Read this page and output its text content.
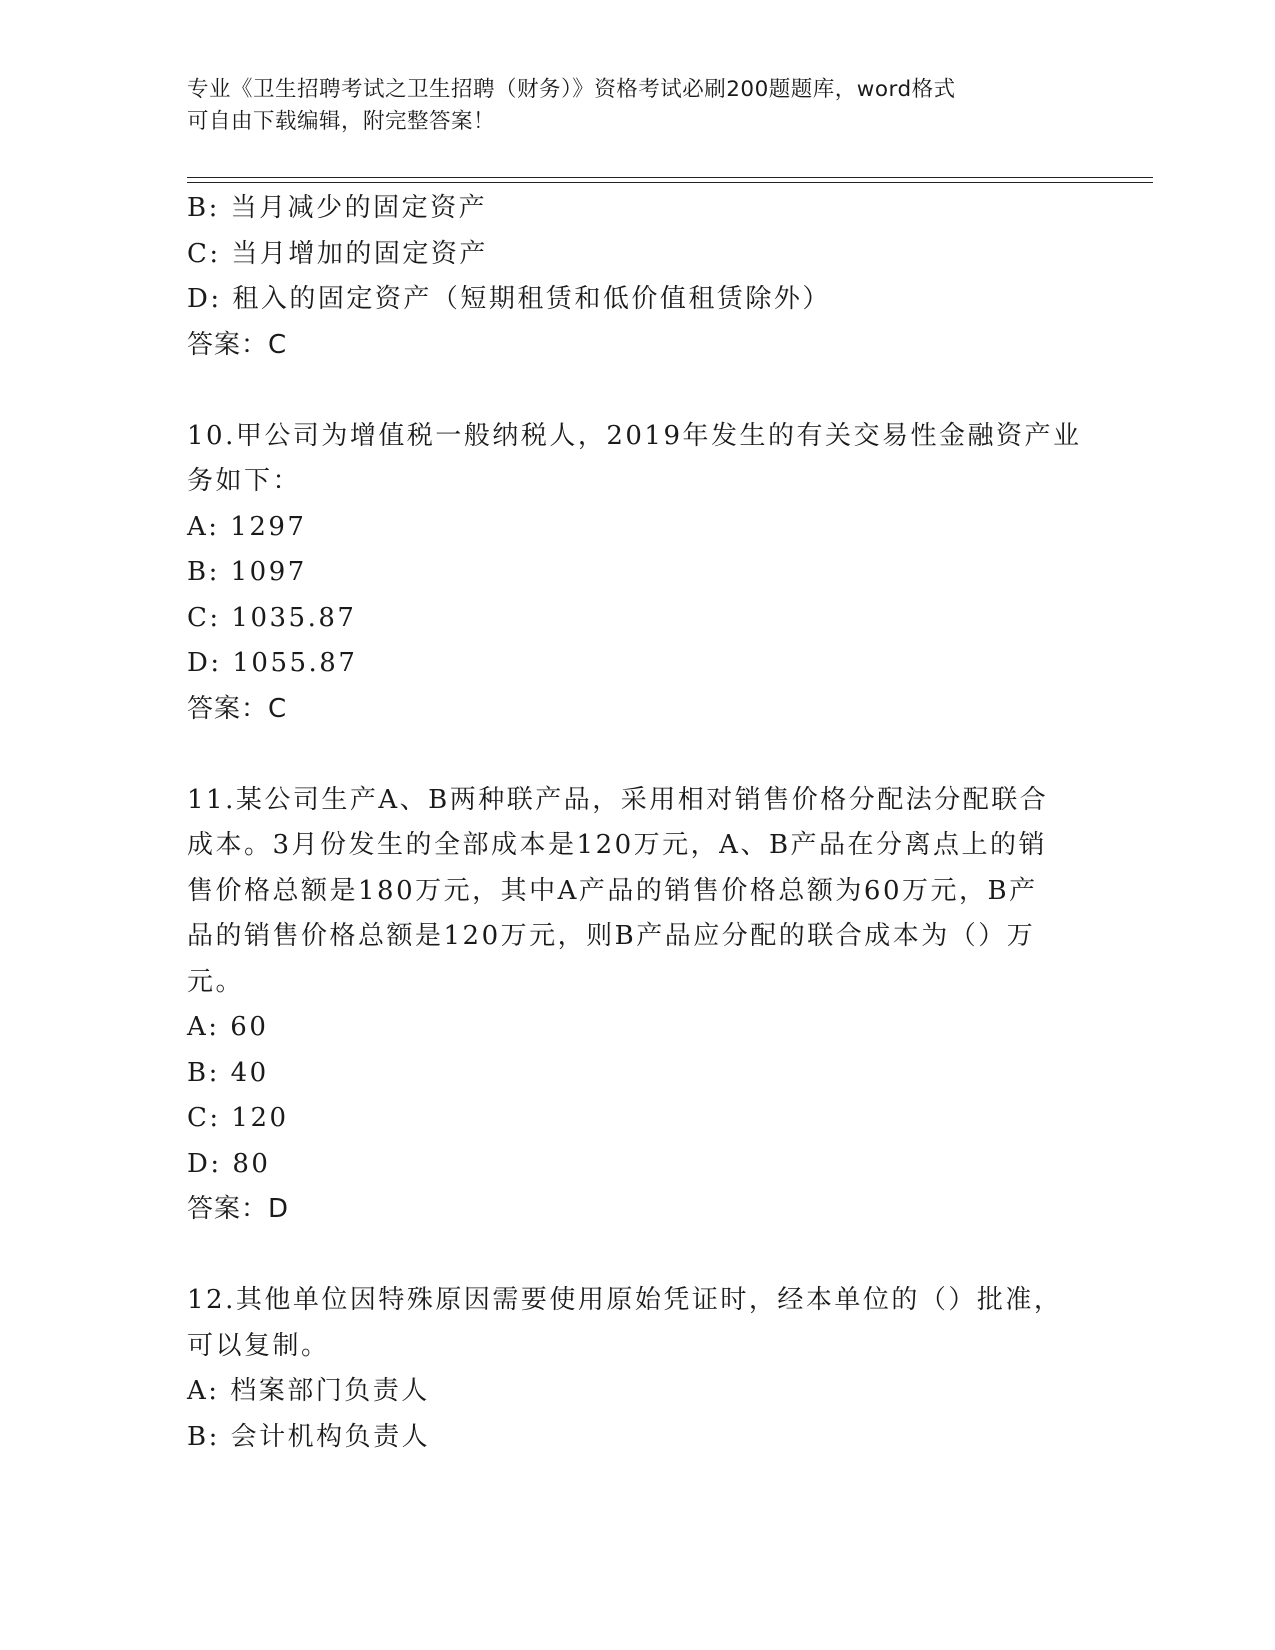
专业《卫生招聘考试之卫生招聘（财务）》资格考试必刷200题题库，word格式
可自由下载编辑，附完整答案！
B: 当月减少的固定资产
C: 当月增加的固定资产
D: 租入的固定资产（短期租赁和低价值租赁除外）
答案：C
10.甲公司为增值税一般纳税人，2019年发生的有关交易性金融资产业
务如下：
A: 1297
B: 1097
C: 1035.87
D: 1055.87
答案：C
11.某公司生产A、B两种联产品，采用相对销售价格分配法分配联合
成本。3月份发生的全部成本是120万元，A、B产品在分离点上的销
售价格总额是180万元，其中A产品的销售价格总额为60万元，B产
品的销售价格总额是120万元，则B产品应分配的联合成本为（）万
元。
A: 60
B: 40
C: 120
D: 80
答案：D
12.其他单位因特殊原因需要使用原始凭证时，经本单位的（）批准，
可以复制。
A: 档案部门负责人
B: 会计机构负责人
